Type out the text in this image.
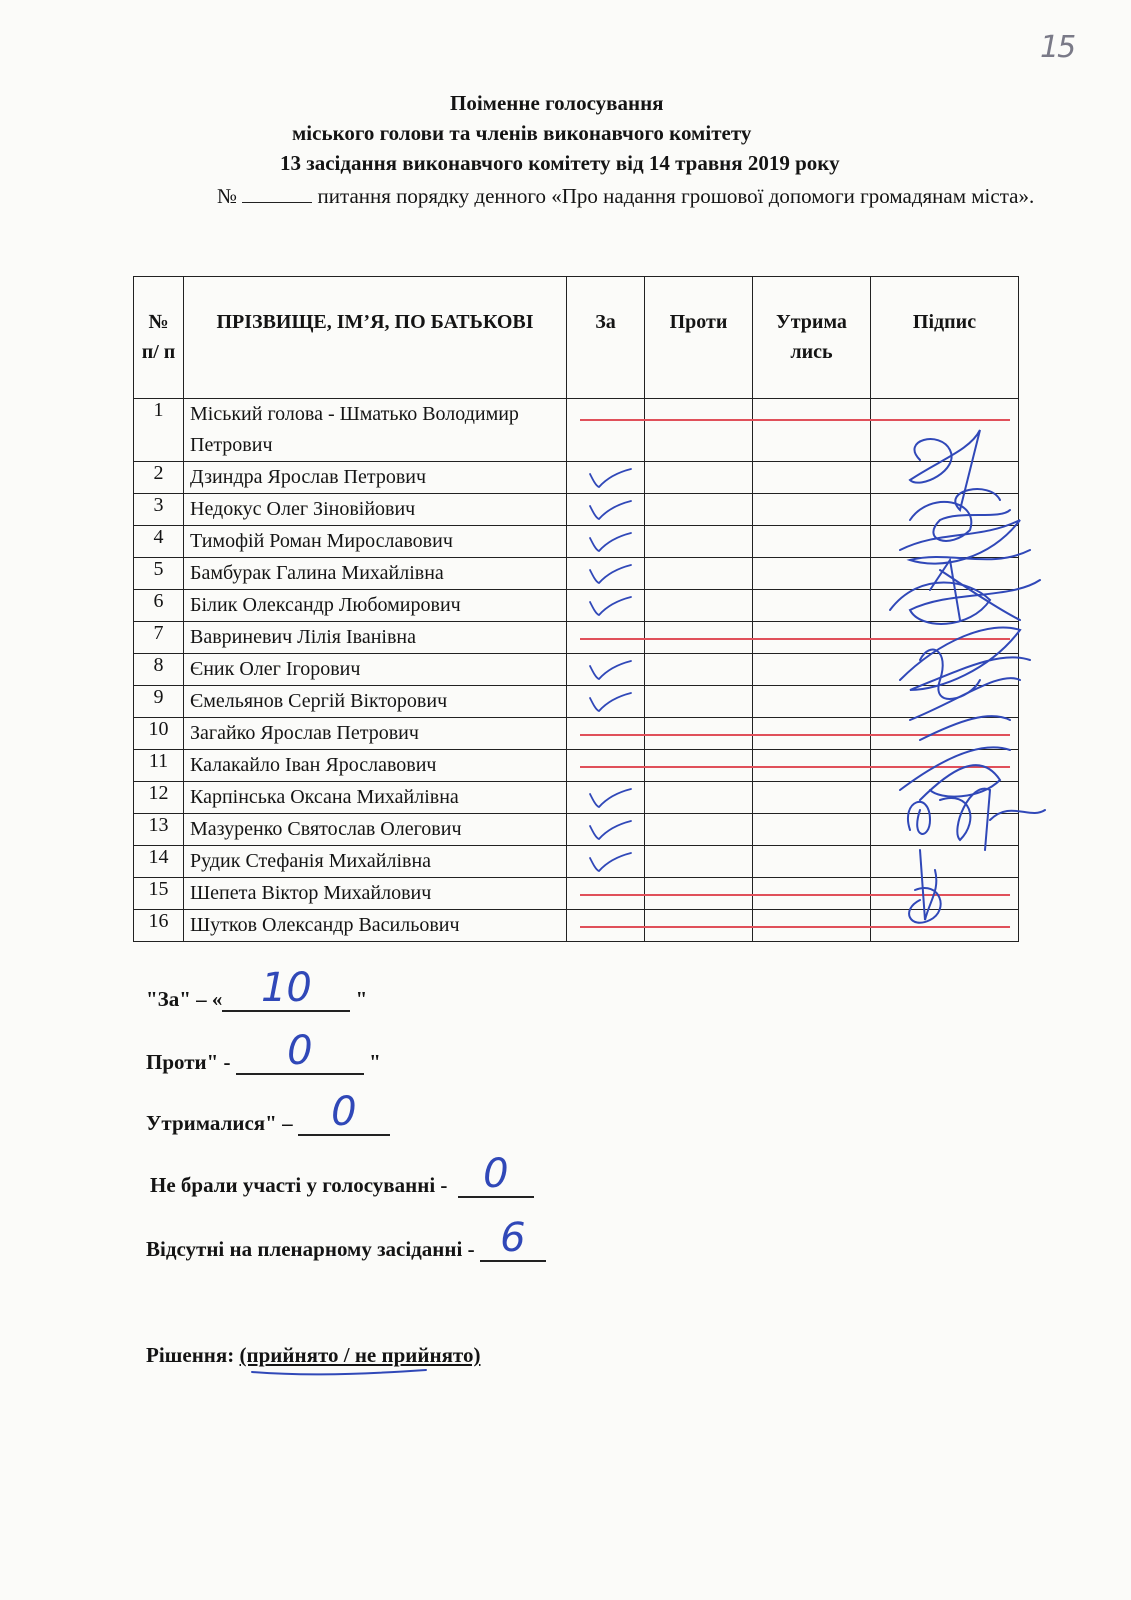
15
Поіменне голосування
міського голови та членів виконавчого комітету
13 засідання виконавчого комітету від 14 травня 2019 року
№	питання порядку денного «Про надання грошової допомоги громадянам міста».
№ п/ п	ПРІЗВИЩЕ, ІМ’Я, ПО БАТЬКОВІ	За	Проти	Утрима лись	Підпис
1	Міський голова - Шматько Володимир Петрович				
2	Дзиндра Ярослав Петрович	

3	Недокус Олег Зіновійович	

4	Тимофій Роман Мирославович	

5	Бамбурак Галина Михайлівна	

6	Білик Олександр Любомирович	

7	Вавриневич Лілія Іванівна				
8	Єник Олег Ігорович	

9	Ємельянов Сергій Вікторович	

10	Загайко Ярослав Петрович				
11	Калакайло Іван Ярославович				
12	Карпінська Оксана Михайлівна	

13	Мазуренко Святослав Олегович	

14	Рудик Стефанія Михайлівна	

15	Шепета Віктор Михайлович				
16	Шутков Олександр Васильович				
"За" – « 10	"
Проти" -	0	"
Утрималися" – 0
Не брали участі у голосуванні - 0
Відсутні на пленарному засіданні - 6
Рішення: (прийнято / не прийнято)
